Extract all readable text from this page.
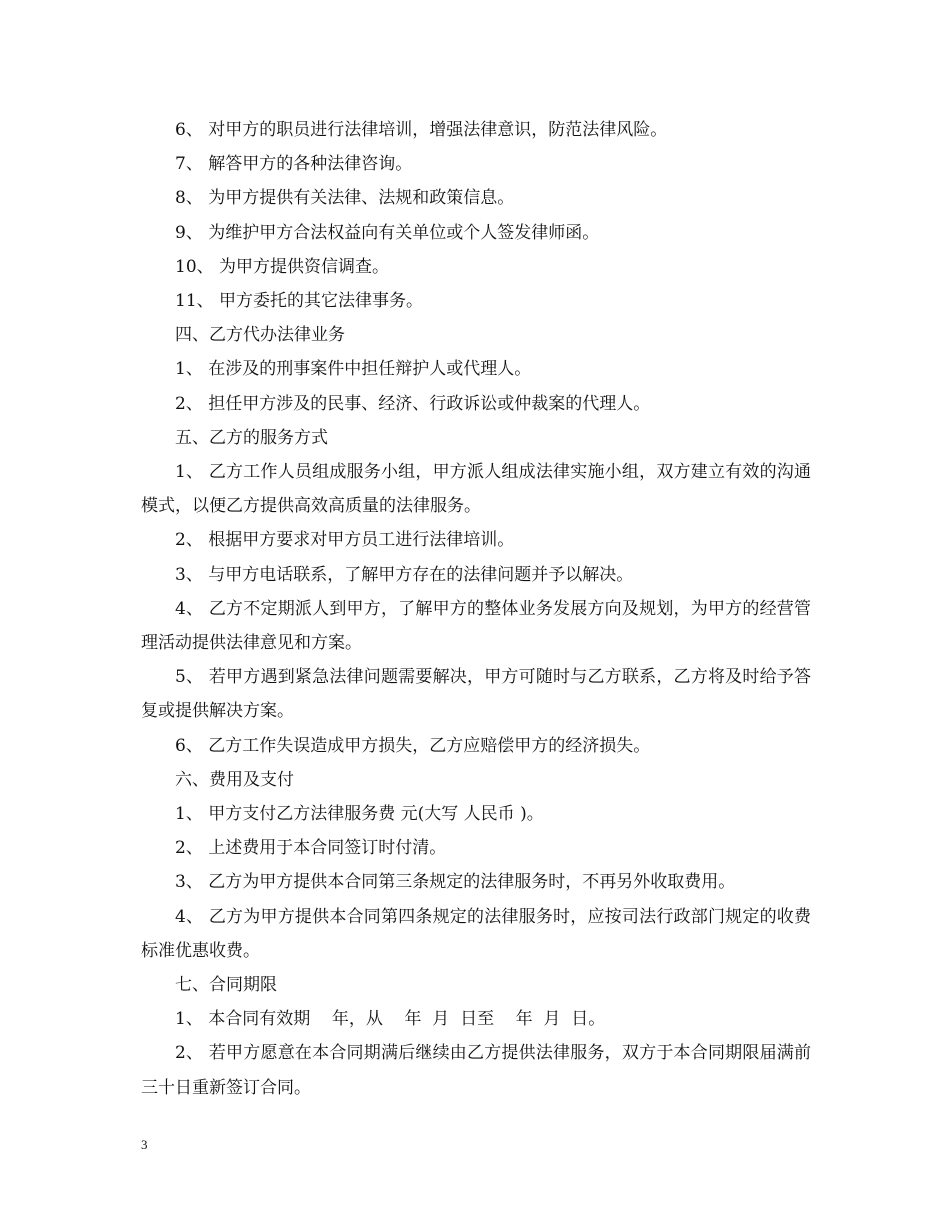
6、 对甲方的职员进行法律培训，增强法律意识，防范法律风险。

7、 解答甲方的各种法律咨询。

8、 为甲方提供有关法律、法规和政策信息。

9、 为维护甲方合法权益向有关单位或个人签发律师函。

10、 为甲方提供资信调查。

11、 甲方委托的其它法律事务。

四、乙方代办法律业务

1、 在涉及的刑事案件中担任辩护人或代理人。

2、 担任甲方涉及的民事、经济、行政诉讼或仲裁案的代理人。

五、乙方的服务方式

1、 乙方工作人员组成服务小组，甲方派人组成法律实施小组，双方建立有效的沟通模式，以便乙方提供高效高质量的法律服务。

2、 根据甲方要求对甲方员工进行法律培训。

3、 与甲方电话联系，了解甲方存在的法律问题并予以解决。

4、 乙方不定期派人到甲方，了解甲方的整体业务发展方向及规划，为甲方的经营管理活动提供法律意见和方案。

5、 若甲方遇到紧急法律问题需要解决，甲方可随时与乙方联系，乙方将及时给予答复或提供解决方案。

6、 乙方工作失误造成甲方损失，乙方应赔偿甲方的经济损失。

六、费用及支付

1、 甲方支付乙方法律服务费 元(大写 人民币 )。

2、 上述费用于本合同签订时付清。

3、 乙方为甲方提供本合同第三条规定的法律服务时，不再另外收取费用。

4、 乙方为甲方提供本合同第四条规定的法律服务时，应按司法行政部门规定的收费标准优惠收费。

七、合同期限

1、 本合同有效期    年，从    年  月  日至    年  月  日。

2、 若甲方愿意在本合同期满后继续由乙方提供法律服务，双方于本合同期限届满前三十日重新签订合同。

3
